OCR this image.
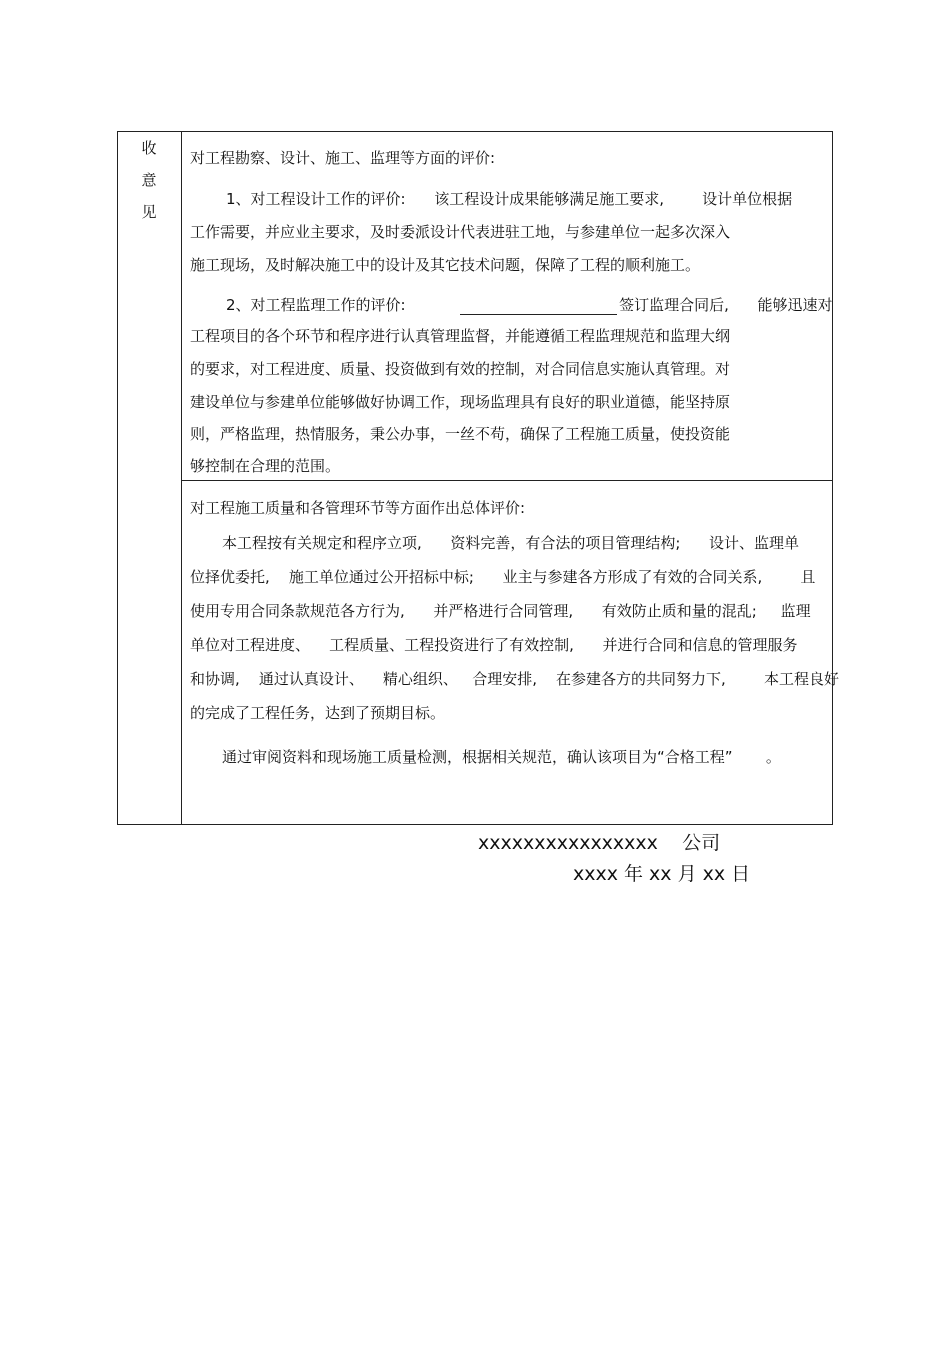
收
意
见
对工程勘察、设计、施工、监理等方面的评价:
1、对工程设计工作的评价:      该工程设计成果能够满足施工要求,        设计单位根据
工作需要，并应业主要求，及时委派设计代表进驻工地，与参建单位一起多次深入
施工现场，及时解决施工中的设计及其它技术问题，保障了工程的顺利施工。
2、对工程监理工作的评价:	签订监理合同后,      能够迅速对
工程项目的各个环节和程序进行认真管理监督，并能遵循工程监理规范和监理大纲
的要求，对工程进度、质量、投资做到有效的控制，对合同信息实施认真管理。对
建设单位与参建单位能够做好协调工作，现场监理具有良好的职业道德，能坚持原
则，严格监理，热情服务，秉公办事，一丝不苟，确保了工程施工质量，使投资能
够控制在合理的范围。
对工程施工质量和各管理环节等方面作出总体评价:
本工程按有关规定和程序立项,      资料完善，有合法的项目管理结构;      设计、监理单
位择优委托,    施工单位通过公开招标中标;      业主与参建各方形成了有效的合同关系,        且
使用专用合同条款规范各方行为,      并严格进行合同管理,      有效防止质和量的混乱;     监理
单位对工程进度、    工程质量、工程投资进行了有效控制,      并进行合同和信息的管理服务
和协调,    通过认真设计、    精心组织、   合理安排,    在参建各方的共同努力下,        本工程良好
的完成了工程任务，达到了预期目标。
通过审阅资料和现场施工质量检测，根据相关规范，确认该项目为“合格工程”       。
xxxxxxxxxxxxxxxx    公司
xxxx 年 xx 月 xx 日
